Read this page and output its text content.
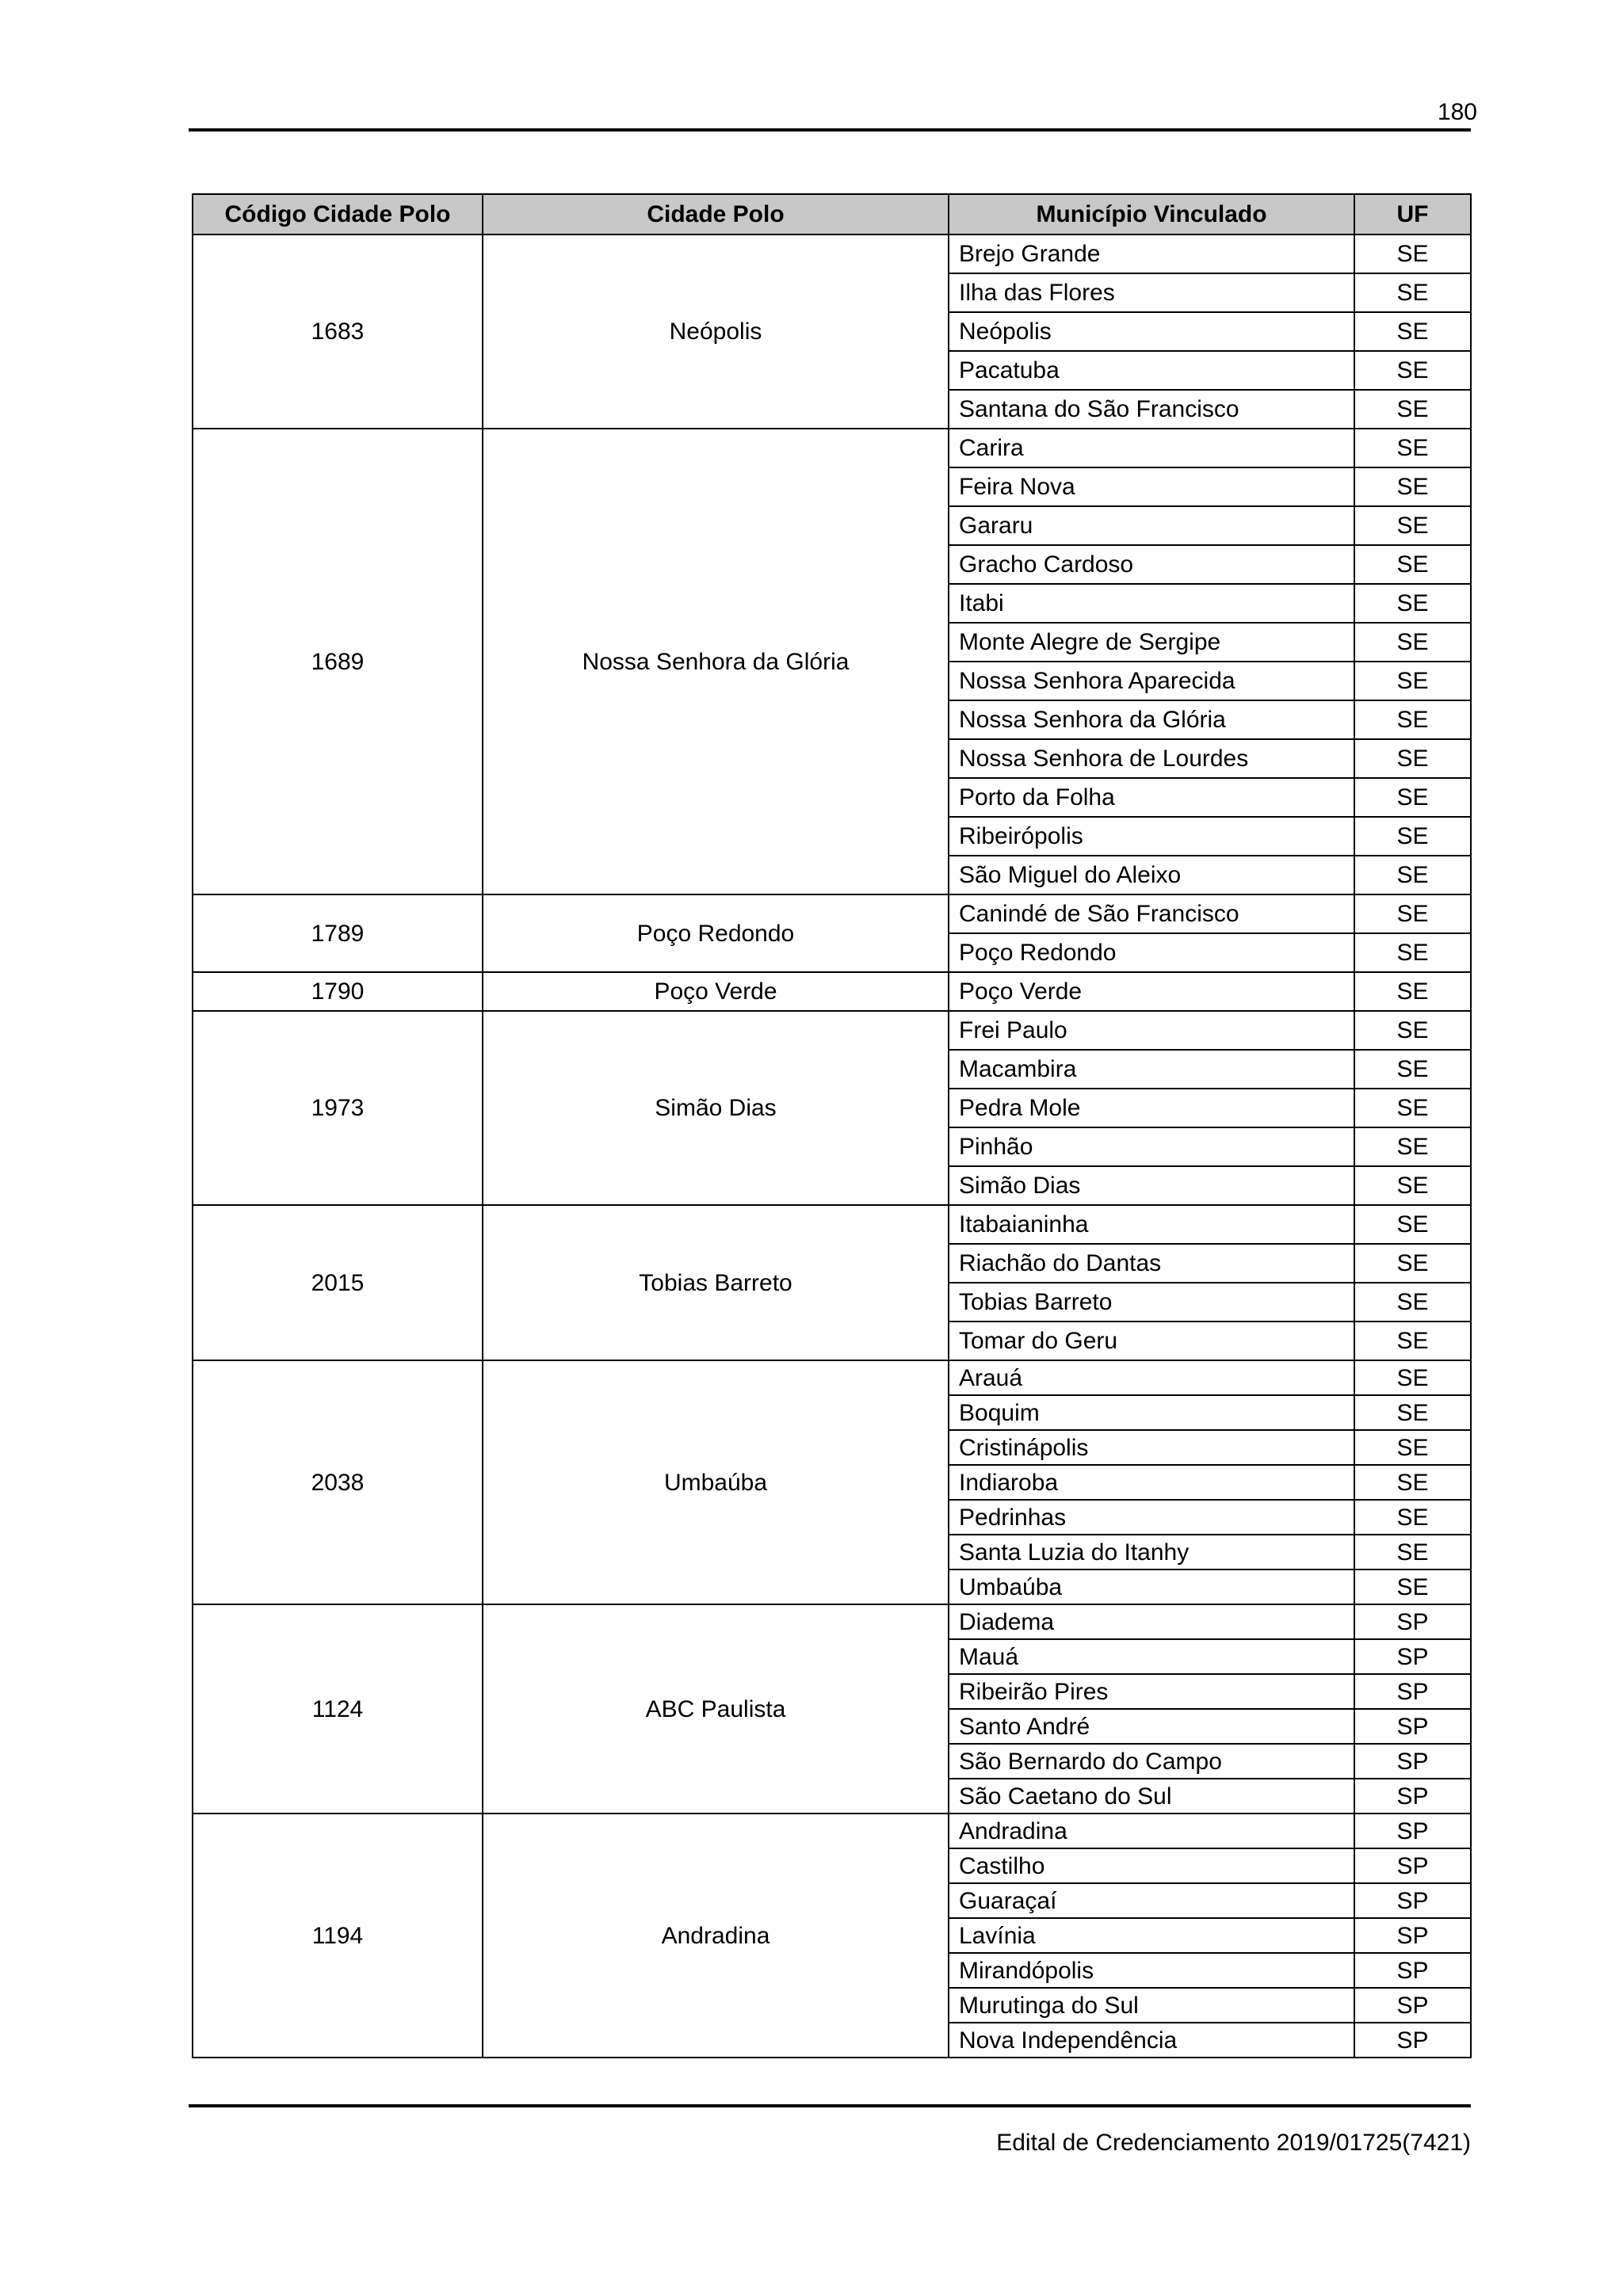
180
Código Cidade Polo	Cidade Polo	Município Vinculado	UF
1683	Neópolis	Brejo Grande	SE
		Ilha das Flores	SE
		Neópolis	SE
		Pacatuba	SE
		Santana do São Francisco	SE
1689	Nossa Senhora da Glória	Carira	SE
		Feira Nova	SE
		Gararu	SE
		Gracho Cardoso	SE
		Itabi	SE
		Monte Alegre de Sergipe	SE
		Nossa Senhora Aparecida	SE
		Nossa Senhora da Glória	SE
		Nossa Senhora de Lourdes	SE
		Porto da Folha	SE
		Ribeirópolis	SE
		São Miguel do Aleixo	SE
1789	Poço Redondo	Canindé de São Francisco	SE
		Poço Redondo	SE
1790	Poço Verde	Poço Verde	SE
1973	Simão Dias	Frei Paulo	SE
		Macambira	SE
		Pedra Mole	SE
		Pinhão	SE
		Simão Dias	SE
2015	Tobias Barreto	Itabaianinha	SE
		Riachão do Dantas	SE
		Tobias Barreto	SE
		Tomar do Geru	SE
2038	Umbaúba	Arauá	SE
		Boquim	SE
		Cristinápolis	SE
		Indiaroba	SE
		Pedrinhas	SE
		Santa Luzia do Itanhy	SE
		Umbaúba	SE
1124	ABC Paulista	Diadema	SP
		Mauá	SP
		Ribeirão Pires	SP
		Santo André	SP
		São Bernardo do Campo	SP
		São Caetano do Sul	SP
1194	Andradina	Andradina	SP
		Castilho	SP
		Guaraçaí	SP
		Lavínia	SP
		Mirandópolis	SP
		Murutinga do Sul	SP
		Nova Independência	SP
Edital de Credenciamento 2019/01725(7421)
